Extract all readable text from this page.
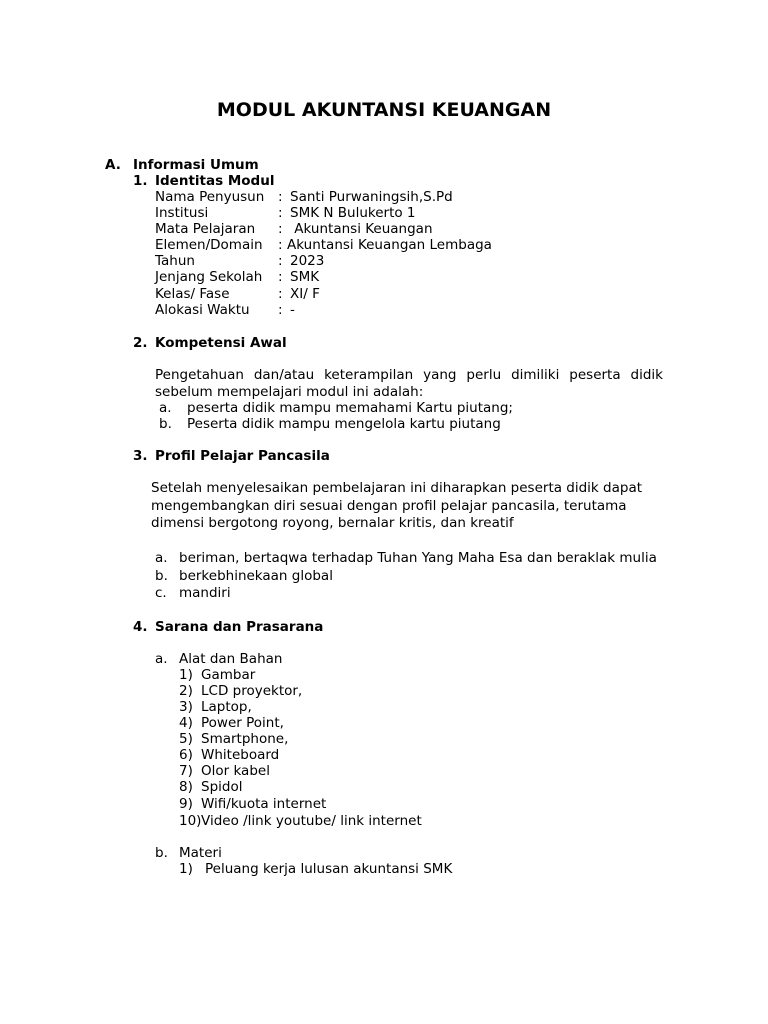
MODUL AKUNTANSI KEUANGAN
A. Informasi Umum
1. Identitas Modul
Nama Penyusun : Santi Purwaningsih,S.Pd
Institusi	: SMK N Bulukerto 1
Mata Pelajaran : Akuntansi Keuangan
Elemen/Domain : Akuntansi Keuangan Lembaga
Tahun	: 2023
Jenjang Sekolah : SMK
Kelas/ Fase	: XI/ F
Alokasi Waktu : -
2. Kompetensi Awal
Pengetahuan dan/atau keterampilan yang perlu dimiliki peserta didik sebelum mempelajari modul ini adalah:
a. peserta didik mampu memahami Kartu piutang;
b. Peserta didik mampu mengelola kartu piutang
3. Profil Pelajar Pancasila
Setelah menyelesaikan pembelajaran ini diharapkan peserta didik dapat mengembangkan diri sesuai dengan profil pelajar pancasila, terutama dimensi bergotong royong, bernalar kritis, dan kreatif
a. beriman, bertaqwa terhadap Tuhan Yang Maha Esa dan beraklak mulia
b. berkebhinekaan global
c. mandiri
4. Sarana dan Prasarana
a. Alat dan Bahan
1) Gambar
2) LCD proyektor,
3) Laptop,
4) Power Point,
5) Smartphone,
6) Whiteboard
7) Olor kabel
8) Spidol
9) Wifi/kuota internet
10) Video /link youtube/ link internet
b. Materi
1) Peluang kerja lulusan akuntansi SMK
